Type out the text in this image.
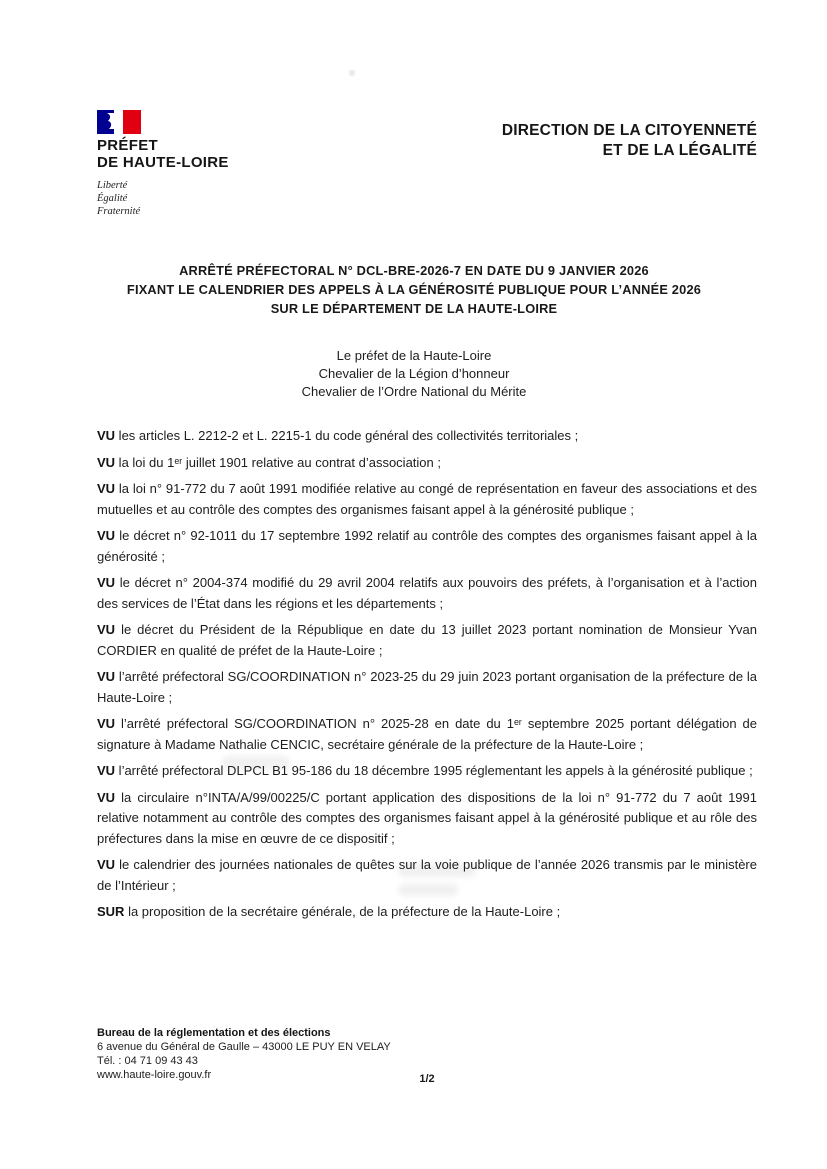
PRÉFET
DE HAUTE-LOIRE
Liberté
Égalité
Fraternité
DIRECTION DE LA CITOYENNETÉ
ET DE LA LÉGALITÉ
ARRÊTÉ PRÉFECTORAL N° DCL-BRE-2026-7 EN DATE DU 9 JANVIER 2026
FIXANT LE CALENDRIER DES APPELS À LA GÉNÉROSITÉ PUBLIQUE POUR L’ANNÉE 2026
SUR LE DÉPARTEMENT DE LA HAUTE-LOIRE
Le préfet de la Haute-Loire
Chevalier de la Légion d’honneur
Chevalier de l’Ordre National du Mérite

VU les articles L. 2212-2 et L. 2215-1 du code général des collectivités territoriales ;

VU la loi du 1ᵉʳ juillet 1901 relative au contrat d’association ;

VU la loi n° 91-772 du 7 août 1991 modifiée relative au congé de représentation en faveur des associations et des mutuelles et au contrôle des comptes des organismes faisant appel à la générosité publique ;

VU le décret n° 92-1011 du 17 septembre 1992 relatif au contrôle des comptes des organismes faisant appel à la générosité ;

VU le décret n° 2004-374 modifié du 29 avril 2004 relatifs aux pouvoirs des préfets, à l’organisation et à l’action des services de l’État dans les régions et les départements ;

VU le décret du Président de la République en date du 13 juillet 2023 portant nomination de Monsieur Yvan CORDIER en qualité de préfet de la Haute-Loire ;

VU l’arrêté préfectoral SG/COORDINATION n° 2023-25 du 29 juin 2023 portant organisation de la préfecture de la Haute-Loire ;

VU l’arrêté préfectoral SG/COORDINATION n° 2025-28 en date du 1ᵉʳ septembre 2025 portant délégation de signature à Madame Nathalie CENCIC, secrétaire générale de la préfecture de la Haute-Loire ;

VU l’arrêté préfectoral DLPCL B1 95-186 du 18 décembre 1995 réglementant les appels à la générosité publique ;

VU la circulaire n°INTA/A/99/00225/C portant application des dispositions de la loi n° 91-772 du 7 août 1991 relative notamment au contrôle des comptes des organismes faisant appel à la générosité publique et au rôle des préfectures dans la mise en œuvre de ce dispositif ;

VU le calendrier des journées nationales de quêtes sur la voie publique de l’année 2026 transmis par le ministère de l’Intérieur ;

SUR la proposition de la secrétaire générale, de la préfecture de la Haute-Loire ;

Bureau de la réglementation et des élections
6 avenue du Général de Gaulle – 43000 LE PUY EN VELAY
Tél. : 04 71 09 43 43
www.haute-loire.gouv.fr	1/2
